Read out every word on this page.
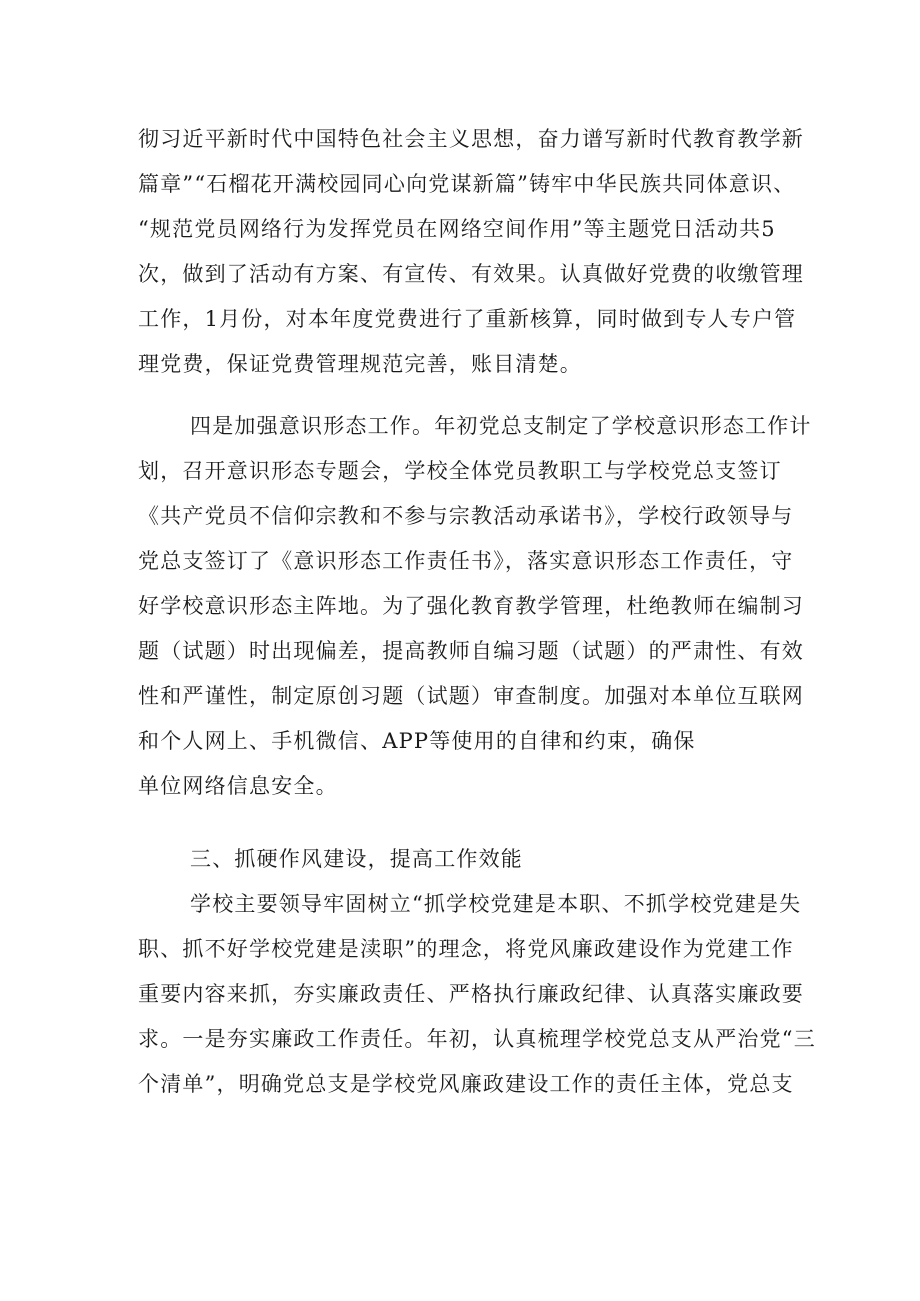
彻习近平新时代中国特色社会主义思想，奋力谱写新时代教育教学新
篇章”“石榴花开满校园同心向党谋新篇”铸牢中华民族共同体意识、
“规范党员网络行为发挥党员在网络空间作用”等主题党日活动共5
次，做到了活动有方案、有宣传、有效果。认真做好党费的收缴管理
工作，1月份，对本年度党费进行了重新核算，同时做到专人专户管
理党费，保证党费管理规范完善，账目清楚。
四是加强意识形态工作。年初党总支制定了学校意识形态工作计
划，召开意识形态专题会，学校全体党员教职工与学校党总支签订
《共产党员不信仰宗教和不参与宗教活动承诺书》，学校行政领导与
党总支签订了《意识形态工作责任书》，落实意识形态工作责任，守
好学校意识形态主阵地。为了强化教育教学管理，杜绝教师在编制习
题（试题）时出现偏差，提高教师自编习题（试题）的严肃性、有效
性和严谨性，制定原创习题（试题）审查制度。加强对本单位互联网
和个人网上、手机微信、APP等使用的自律和约束，确保
单位网络信息安全。
三、抓硬作风建设，提高工作效能
学校主要领导牢固树立“抓学校党建是本职、不抓学校党建是失
职、抓不好学校党建是渎职”的理念，将党风廉政建设作为党建工作
重要内容来抓，夯实廉政责任、严格执行廉政纪律、认真落实廉政要
求。一是夯实廉政工作责任。年初，认真梳理学校党总支从严治党“三
个清单”，明确党总支是学校党风廉政建设工作的责任主体，党总支
